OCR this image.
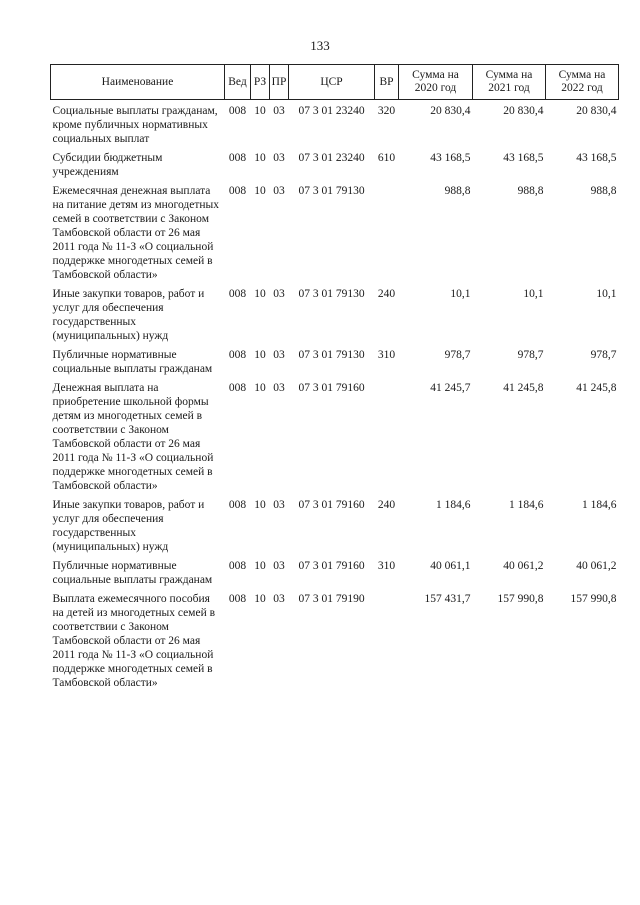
133
Наименование	Вед	РЗ	ПР	ЦСР	ВР	Сумма на 2020 год	Сумма на 2021 год	Сумма на 2022 год
Социальные выплаты гражданам, кроме публичных нормативных социальных выплат	008	10	03	07 3 01 23240	320	20 830,4	20 830,4	20 830,4
Субсидии бюджетным учреждениям	008	10	03	07 3 01 23240	610	43 168,5	43 168,5	43 168,5
Ежемесячная денежная выплата на питание детям из многодетных семей в соответствии с Законом Тамбовской области от 26 мая 2011 года № 11-З «О социальной поддержке многодетных семей в Тамбовской области»	008	10	03	07 3 01 79130		988,8	988,8	988,8
Иные закупки товаров, работ и услуг для обеспечения государственных (муниципальных) нужд	008	10	03	07 3 01 79130	240	10,1	10,1	10,1
Публичные нормативные социальные выплаты гражданам	008	10	03	07 3 01 79130	310	978,7	978,7	978,7
Денежная выплата на приобретение школьной формы детям из многодетных семей в соответствии с Законом Тамбовской области от 26 мая 2011 года № 11-З «О социальной поддержке многодетных семей в Тамбовской области»	008	10	03	07 3 01 79160		41 245,7	41 245,8	41 245,8
Иные закупки товаров, работ и услуг для обеспечения государственных (муниципальных) нужд	008	10	03	07 3 01 79160	240	1 184,6	1 184,6	1 184,6
Публичные нормативные социальные выплаты гражданам	008	10	03	07 3 01 79160	310	40 061,1	40 061,2	40 061,2
Выплата ежемесячного пособия на детей из многодетных семей в соответствии с Законом Тамбовской области от 26 мая 2011 года № 11-З «О социальной поддержке многодетных семей в Тамбовской области»	008	10	03	07 3 01 79190		157 431,7	157 990,8	157 990,8
